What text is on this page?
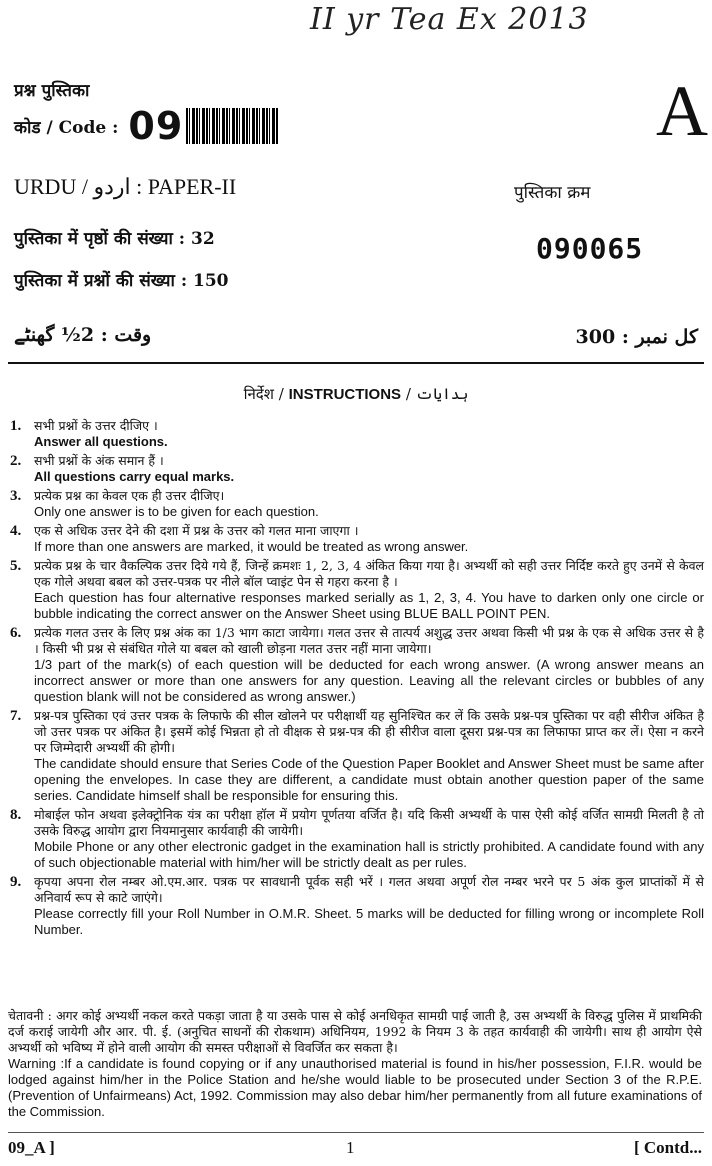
II yr Tea Ex 2013
प्रश्न पुस्तिका
कोड / Code : 09	A
URDU / اردو : PAPER-II	पुस्तिका क्रम
090065
पुस्तिका में पृष्ठों की संख्या : 32
पुस्तिका में प्रश्नों की संख्या : 150
وقت : 2½ گھنٹے	کل نمبر : 300
निर्देश / INSTRUCTIONS / ہدایات
1. सभी प्रश्नों के उत्तर दीजिए ।
Answer all questions.
2. सभी प्रश्नों के अंक समान हैं ।
All questions carry equal marks.
3. प्रत्येक प्रश्न का केवल एक ही उत्तर दीजिए।
Only one answer is to be given for each question.
4. एक से अधिक उत्तर देने की दशा में प्रश्न के उत्तर को गलत माना जाएगा ।
If more than one answers are marked, it would be treated as wrong answer.
5. प्रत्येक प्रश्न के चार वैकल्पिक उत्तर दिये गये हैं, जिन्हें क्रमशः 1, 2, 3, 4 अंकित किया गया है। अभ्यर्थी को सही उत्तर निर्दिष्ट करते हुए उनमें से केवल एक गोले अथवा बबल को उत्तर-पत्रक पर नीले बॉल प्वाइंट पेन से गहरा करना है ।
Each question has four alternative responses marked serially as 1, 2, 3, 4. You have to darken only one circle or bubble indicating the correct answer on the Answer Sheet using BLUE BALL POINT PEN.
6. प्रत्येक गलत उत्तर के लिए प्रश्न अंक का 1/3 भाग काटा जायेगा। गलत उत्तर से तात्पर्य अशुद्ध उत्तर अथवा किसी भी प्रश्न के एक से अधिक उत्तर से है । किसी भी प्रश्न से संबंधित गोले या बबल को खाली छोड़ना गलत उत्तर नहीं माना जायेगा।
1/3 part of the mark(s) of each question will be deducted for each wrong answer. (A wrong answer means an incorrect answer or more than one answers for any question. Leaving all the relevant circles or bubbles of any question blank will not be considered as wrong answer.)
7. प्रश्न-पत्र पुस्तिका एवं उत्तर पत्रक के लिफाफे की सील खोलने पर परीक्षार्थी यह सुनिश्चित कर लें कि उसके प्रश्न-पत्र पुस्तिका पर वही सीरीज अंकित है जो उत्तर पत्रक पर अंकित है। इसमें कोई भिन्नता हो तो वीक्षक से प्रश्न-पत्र की ही सीरीज वाला दूसरा प्रश्न-पत्र का लिफाफा प्राप्त कर लें। ऐसा न करने पर जिम्मेदारी अभ्यर्थी की होगी।
The candidate should ensure that Series Code of the Question Paper Booklet and Answer Sheet must be same after opening the envelopes. In case they are different, a candidate must obtain another question paper of the same series. Candidate himself shall be responsible for ensuring this.
8. मोबाईल फोन अथवा इलेक्ट्रोनिक यंत्र का परीक्षा हॉल में प्रयोग पूर्णतया वर्जित है। यदि किसी अभ्यर्थी के पास ऐसी कोई वर्जित सामग्री मिलती है तो उसके विरुद्ध आयोग द्वारा नियमानुसार कार्यवाही की जायेगी।
Mobile Phone or any other electronic gadget in the examination hall is strictly prohibited. A candidate found with any of such objectionable material with him/her will be strictly dealt as per rules.
9. कृपया अपना रोल नम्बर ओ.एम.आर. पत्रक पर सावधानी पूर्वक सही भरें । गलत अथवा अपूर्ण रोल नम्बर भरने पर 5 अंक कुल प्राप्तांकों में से अनिवार्य रूप से काटे जाएंगे।
Please correctly fill your Roll Number in O.M.R. Sheet. 5 marks will be deducted for filling wrong or incomplete Roll Number.
चेतावनी : अगर कोई अभ्यर्थी नकल करते पकड़ा जाता है या उसके पास से कोई अनधिकृत सामग्री पाई जाती है, उस अभ्यर्थी के विरुद्ध पुलिस में प्राथमिकी दर्ज कराई जायेगी और आर. पी. ई. (अनुचित साधनों की रोकथाम) अधिनियम, 1992 के नियम 3 के तहत कार्यवाही की जायेगी। साथ ही आयोग ऐसे अभ्यर्थी को भविष्य में होने वाली आयोग की समस्त परीक्षाओं से विवर्जित कर सकता है।
Warning :If a candidate is found copying or if any unauthorised material is found in his/her possession, F.I.R. would be lodged against him/her in the Police Station and he/she would liable to be prosecuted under Section 3 of the R.P.E. (Prevention of Unfairmeans) Act, 1992. Commission may also debar him/her permanently from all future examinations of the Commission.
09_A ]	1	[ Contd...
